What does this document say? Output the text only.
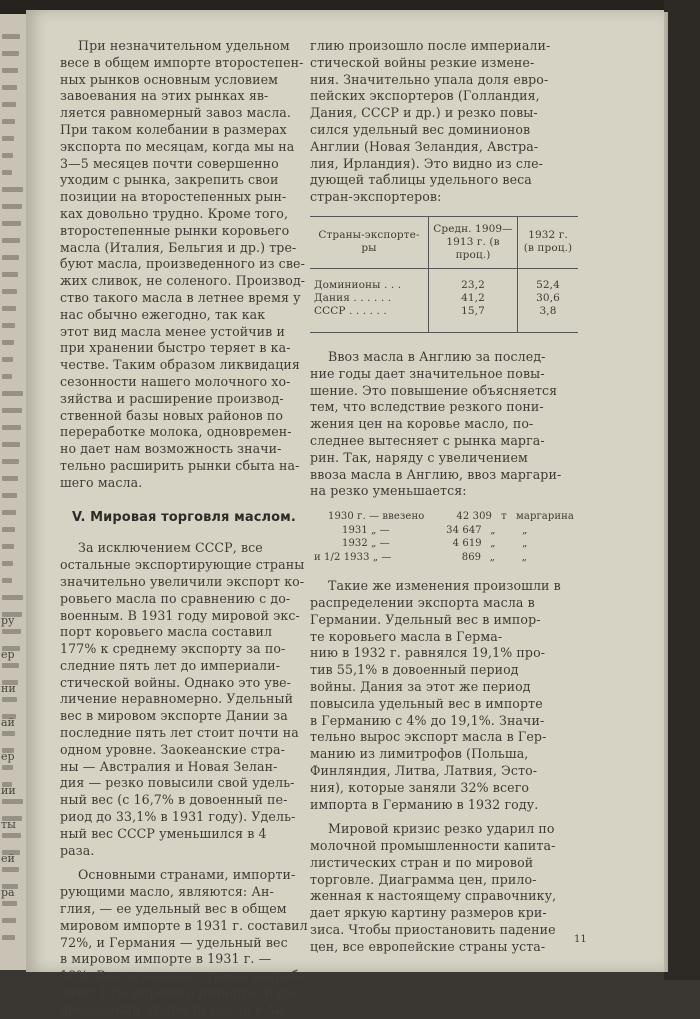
ру
ер
ни
ай
ер
ии
ты
ей
ра

При незначительном удельном
весе в общем импорте второстепен-
ных рынков основным условием
завоевания на этих рынках яв-
ляется равномерный завоз масла.
При таком колебании в размерах
экспорта по месяцам, когда мы на
3—5 месяцев почти совершенно
уходим с рынка, закрепить свои
позиции на второстепенных рын-
ках довольно трудно. Кроме того,
второстепенные рынки коровьего
масла (Италия, Бельгия и др.) тре-
буют масла, произведенного из све-
жих сливок, не соленого. Производ-
ство такого масла в летнее время у
нас обычно ежегодно, так как
этот вид масла менее устойчив и
при хранении быстро теряет в ка-
честве. Таким образом ликвидация
сезонности нашего молочного хо-
зяйства и расширение производ-
ственной базы новых районов по
переработке молока, одновремен-
но дает нам возможность значи-
тельно расширить рынки сбыта на-
шего масла.

V. Мировая торговля маслом.

За исключением СССР, все
остальные экспортирующие страны
значительно увеличили экспорт ко-
ровьего масла по сравнению с до-
военным. В 1931 году мировой экс-
порт коровьего масла составил
177% к среднему экспорту за по-
следние пять лет до империали-
стической войны. Однако это уве-
личение неравномерно. Удельный
вес в мировом экспорте Дании за
последние пять лет стоит почти на
одном уровне. Заокеанские стра-
ны — Австралия и Новая Зелан-
дия — резко повысили свой удель-
ный вес (с 16,7% в довоенный пе-
риод до 33,1% в 1931 году). Удель-
ный вес СССР уменьшился в 4
раза.

Основными странами, импорти-
рующими масло, являются: Ан-
глия, — ее удельный вес в общем
мировом импорте в 1931 г. составил
72%, и Германия — удельный вес
в мировом импорте в 1931 г. —
18%. Все остальные страны потреб-
ляют 10% мирового импорта. В рас-
пределении экспорта масла в Ан-

глию произошло после империали-
стической войны резкие измене-
ния. Значительно упала доля евро-
пейских экспортеров (Голландия,
Дания, СССР и др.) и резко повы-
сился удельный вес доминионов
Англии (Новая Зеландия, Австра-
лия, Ирландия). Это видно из сле-
дующей таблицы удельного веса
стран-экспортеров:

Страны-экспорте-ры	Средн. 1909—1913 г. (в проц.)	1932 г. (в проц.)
Доминионы . . .	23,2	52,4
Дания . . . . . .	41,2	30,6
СССР . . . . . .	15,7	3,8

Ввоз масла в Англию за послед-
ние годы дает значительное повы-
шение. Это повышение объясняется
тем, что вследствие резкого пони-
жения цен на коровье масло, по-
следнее вытесняет с рынка марга-
рин. Так, наряду с увеличением
ввоза масла в Англию, ввоз маргари-
на резко уменьшается:

1930 г. — ввезено	42 309 т маргарина
1931 „ —	34 647 „	„
1932 „ —	4 619 „	„
и 1/2 1933 „ —	869 „	„

Такие же изменения произошли в
распределении экспорта масла в
Германии. Удельный вес в импор-
те коровьего масла в Герма-
нию в 1932 г. равнялся 19,1% про-
тив 55,1% в довоенный период
войны. Дания за этот же период
повысила удельный вес в импорте
в Германию с 4% до 19,1%. Значи-
тельно вырос экспорт масла в Гер-
манию из лимитрофов (Польша,
Финляндия, Литва, Латвия, Эсто-
ния), которые заняли 32% всего
импорта в Германию в 1932 году.

Мировой кризис резко ударил по
молочной промышленности капита-
листических стран и по мировой
торговле. Диаграмма цен, прило-
женная к настоящему справочнику,
дает яркую картину размеров кри-
зиса. Чтобы приостановить падение
цен, все европейские страны уста-	11
